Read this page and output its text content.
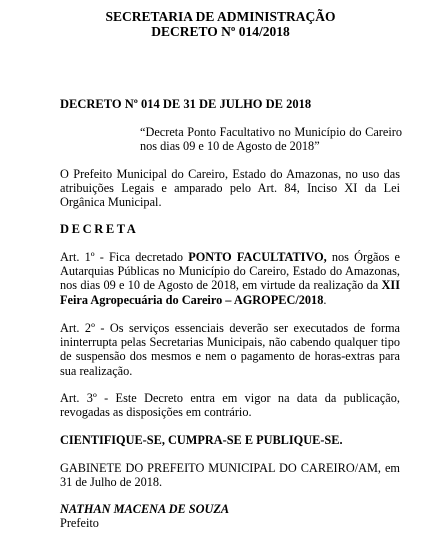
SECRETARIA DE ADMINISTRAÇÃO
DECRETO Nº 014/2018
DECRETO Nº 014 DE 31 DE JULHO DE 2018
“Decreta Ponto Facultativo no Município do Careiro nos dias 09 e 10 de Agosto de 2018”
O Prefeito Municipal do Careiro, Estado do Amazonas, no uso das atribuições Legais e amparado pelo Art. 84, Inciso XI da Lei Orgânica Municipal.
DECRETA
Art. 1º - Fica decretado PONTO FACULTATIVO, nos Órgãos e Autarquias Públicas no Município do Careiro, Estado do Amazonas, nos dias 09 e 10 de Agosto de 2018, em virtude da realização da XII Feira Agropecuária do Careiro – AGROPEC/2018.
Art. 2º - Os serviços essenciais deverão ser executados de forma ininterrupta pelas Secretarias Municipais, não cabendo qualquer tipo de suspensão dos mesmos e nem o pagamento de horas-extras para sua realização.
Art. 3º - Este Decreto entra em vigor na data da publicação, revogadas as disposições em contrário.
CIENTIFIQUE-SE, CUMPRA-SE E PUBLIQUE-SE.
GABINETE DO PREFEITO MUNICIPAL DO CAREIRO/AM, em 31 de Julho de 2018.
NATHAN MACENA DE SOUZA
Prefeito
